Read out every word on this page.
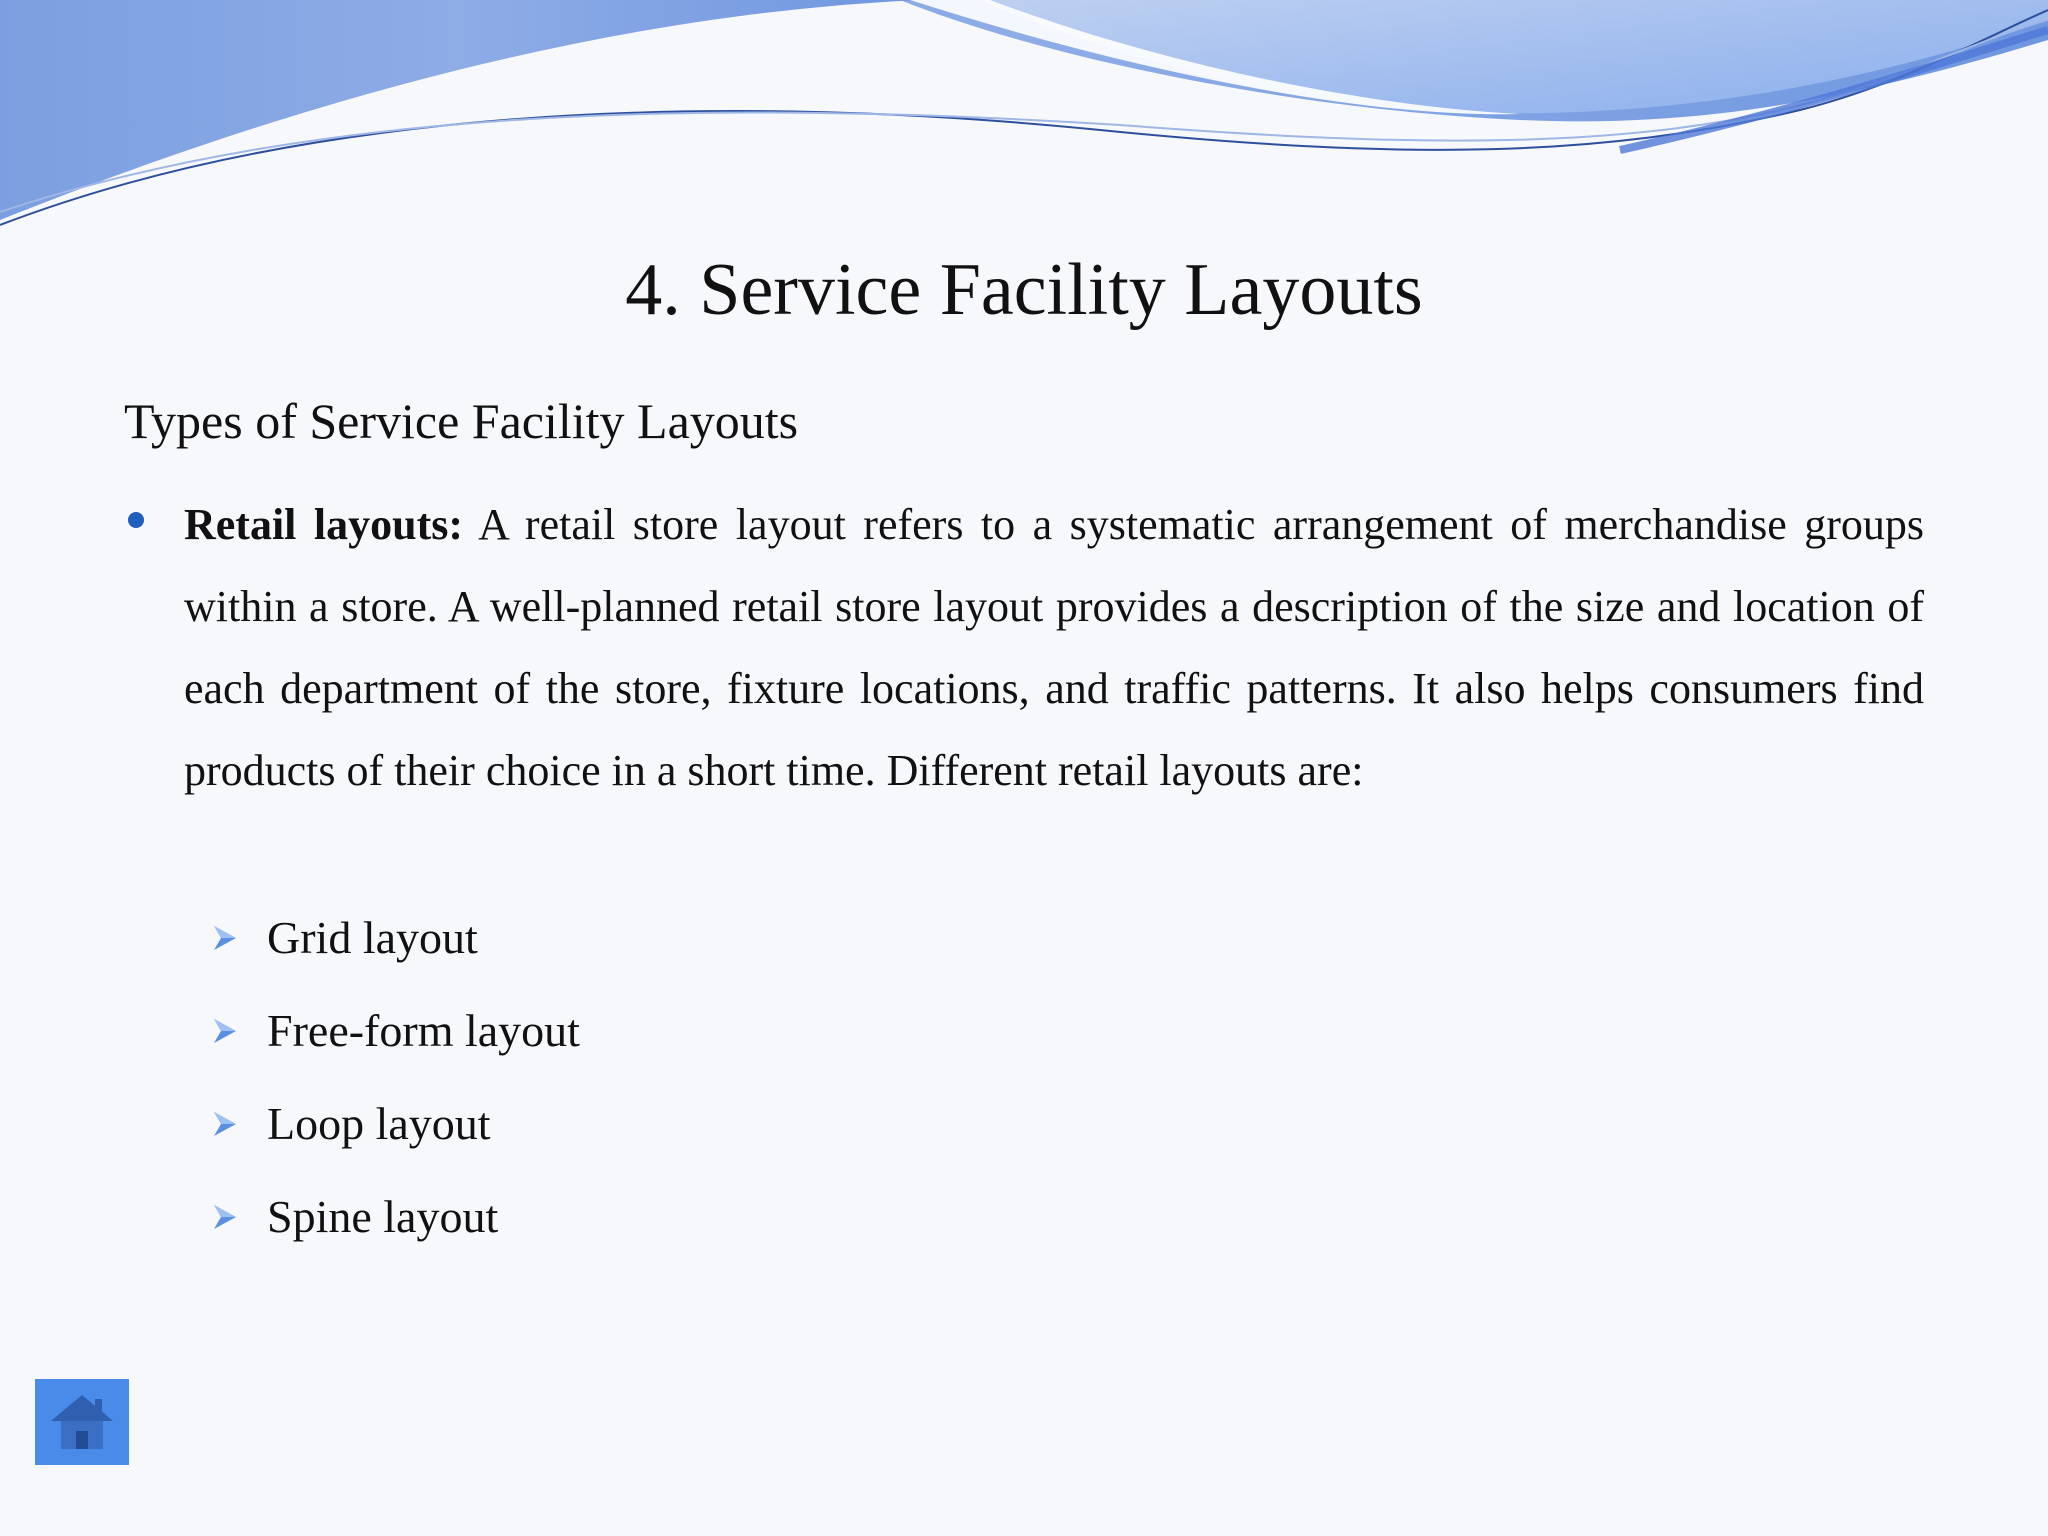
4. Service Facility Layouts

Types of Service Facility Layouts

Retail layouts: A retail store layout refers to a systematic arrangement of merchandise groups within a store. A well-planned retail store layout provides a description of the size and location of each department of the store, fixture locations, and traffic patterns. It also helps consumers find products of their choice in a short time. Different retail layouts are:
Grid layout
Free-form layout
Loop layout
Spine layout
